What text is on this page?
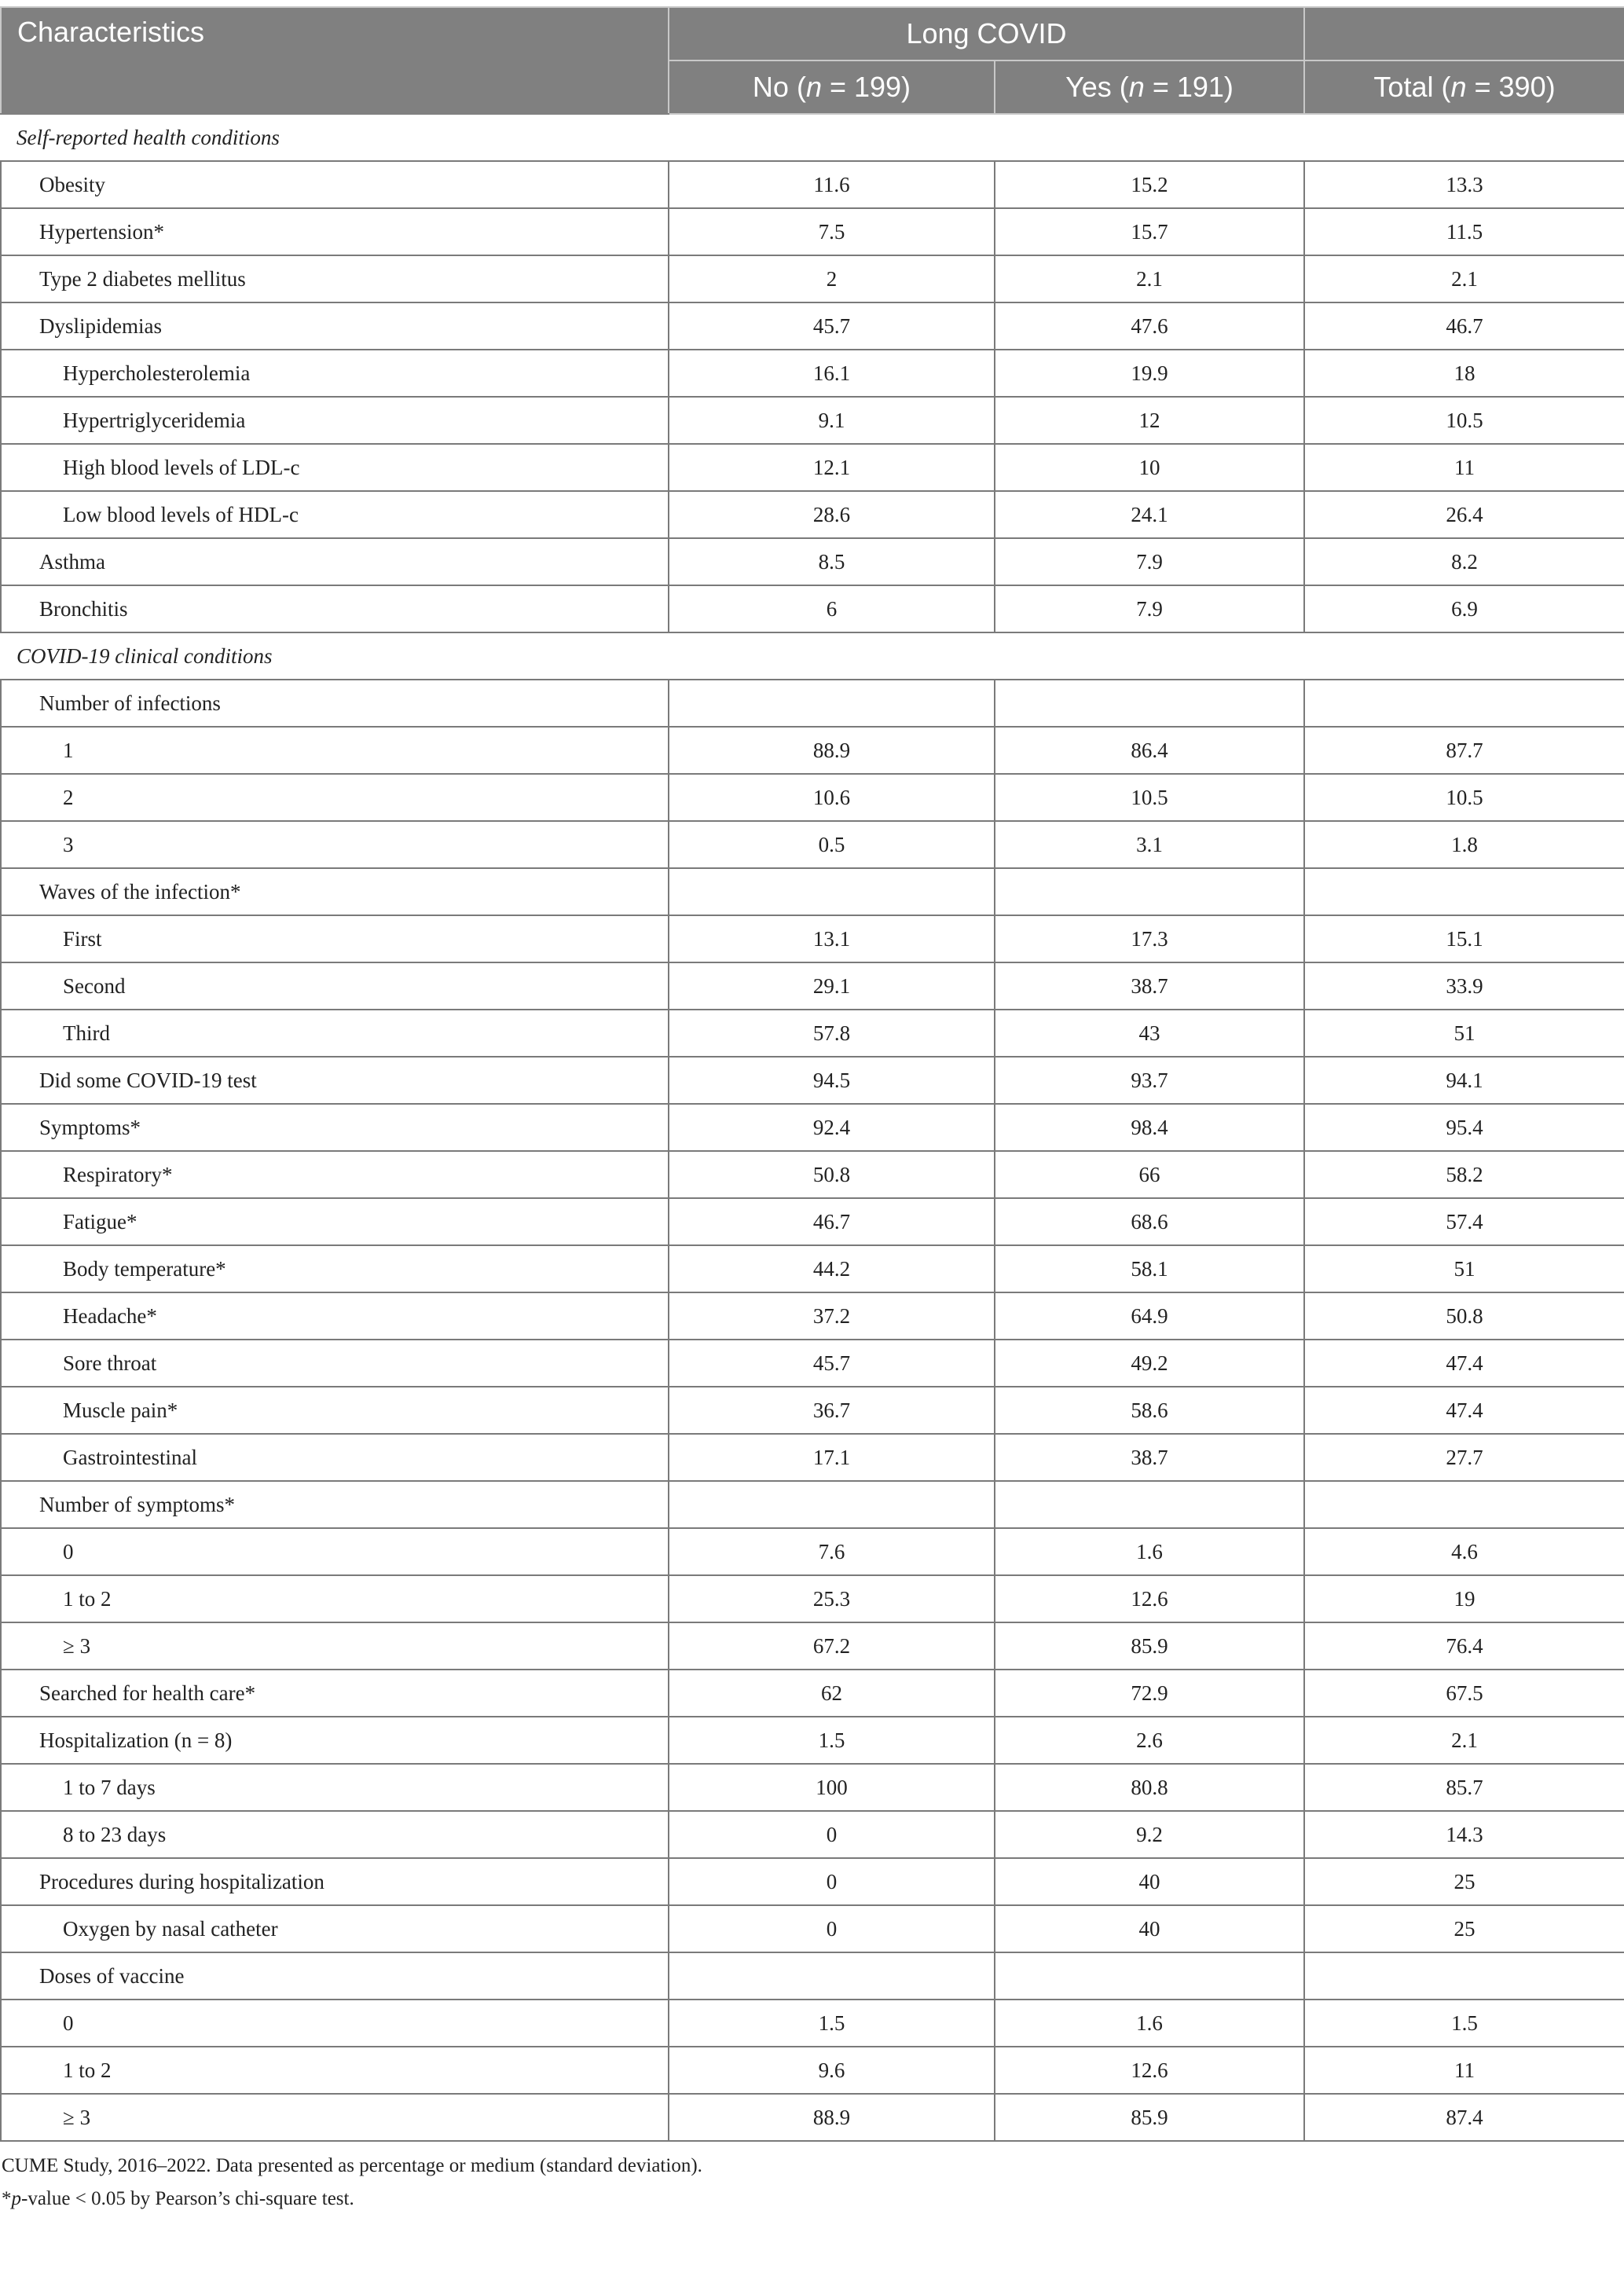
Characteristics	Long COVID		
	No (n = 199)	Yes (n = 191)	Total (n = 390)
Self-reported health conditions			
Obesity	11.6	15.2	13.3
Hypertension*	7.5	15.7	11.5
Type 2 diabetes mellitus	2	2.1	2.1
Dyslipidemias	45.7	47.6	46.7
Hypercholesterolemia	16.1	19.9	18
Hypertriglyceridemia	9.1	12	10.5
High blood levels of LDL-c	12.1	10	11
Low blood levels of HDL-c	28.6	24.1	26.4
Asthma	8.5	7.9	8.2
Bronchitis	6	7.9	6.9
COVID-19 clinical conditions			
Number of infections			
1	88.9	86.4	87.7
2	10.6	10.5	10.5
3	0.5	3.1	1.8
Waves of the infection*			
First	13.1	17.3	15.1
Second	29.1	38.7	33.9
Third	57.8	43	51
Did some COVID-19 test	94.5	93.7	94.1
Symptoms*	92.4	98.4	95.4
Respiratory*	50.8	66	58.2
Fatigue*	46.7	68.6	57.4
Body temperature*	44.2	58.1	51
Headache*	37.2	64.9	50.8
Sore throat	45.7	49.2	47.4
Muscle pain*	36.7	58.6	47.4
Gastrointestinal	17.1	38.7	27.7
Number of symptoms*			
0	7.6	1.6	4.6
1 to 2	25.3	12.6	19
≥ 3	67.2	85.9	76.4
Searched for health care*	62	72.9	67.5
Hospitalization (n = 8)	1.5	2.6	2.1
1 to 7 days	100	80.8	85.7
8 to 23 days	0	9.2	14.3
Procedures during hospitalization	0	40	25
Oxygen by nasal catheter	0	40	25
Doses of vaccine			
0	1.5	1.6	1.5
1 to 2	9.6	12.6	11
≥ 3	88.9	85.9	87.4
CUME Study, 2016–2022. Data presented as percentage or medium (standard deviation).
*p-value < 0.05 by Pearson’s chi-square test.
